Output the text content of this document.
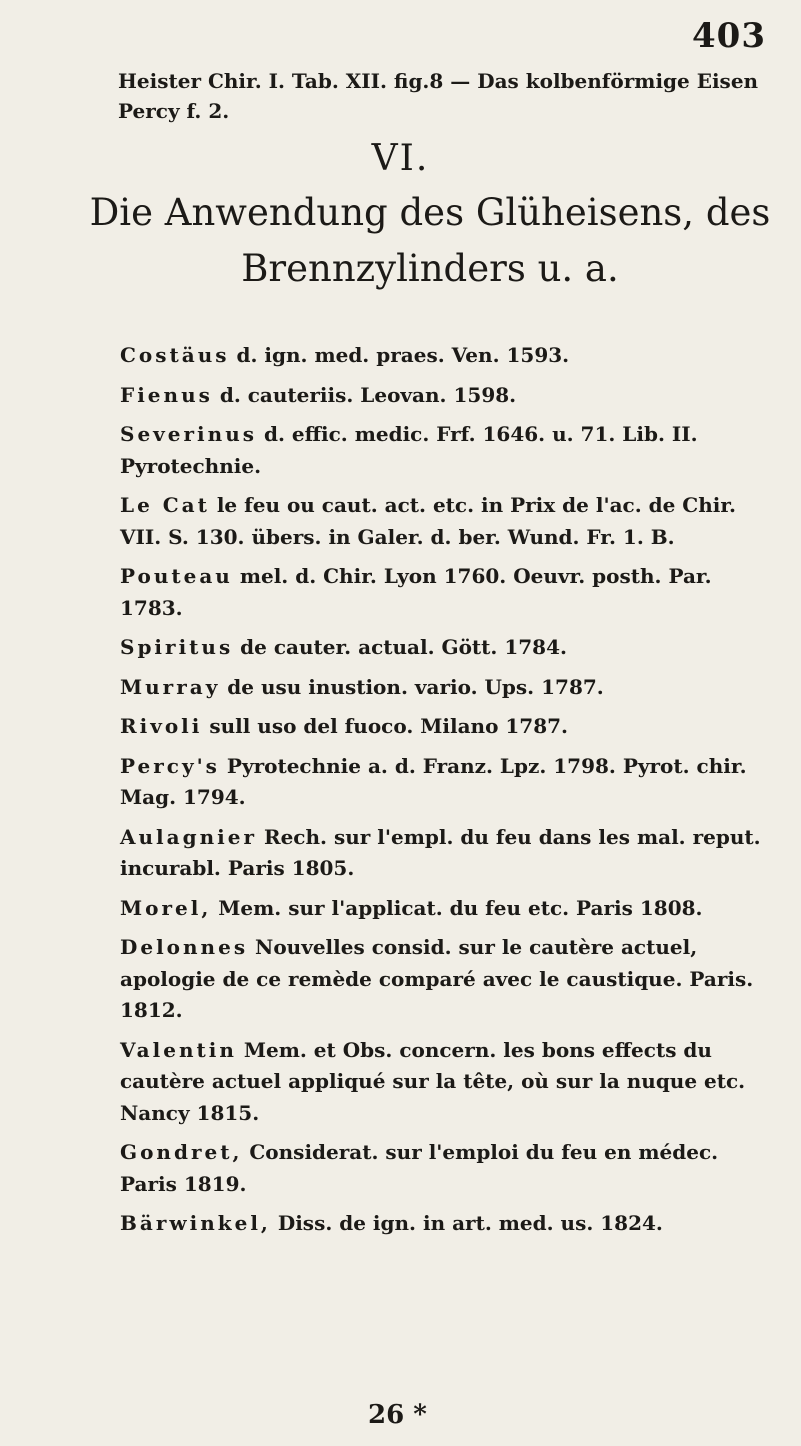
403
Heister Chir. I. Tab. XII. fig.8 — Das kolbenförmige Eisen Percy f. 2.
VI.
Die Anwendung des Glüheisens, des
Brennzylinders u. a.
Costäus d. ign. med. praes. Ven. 1593.
Fienus d. cauteriis. Leovan. 1598.
Severinus d. effic. medic. Frf. 1646. u. 71. Lib. II. Pyrotechnie.
Le Cat le feu ou caut. act. etc. in Prix de l'ac. de Chir. VII. S. 130. übers. in Galer. d. ber. Wund. Fr. 1. B.
Pouteau mel. d. Chir. Lyon 1760. Oeuvr. posth. Par. 1783.
Spiritus de cauter. actual. Gött. 1784.
Murray de usu inustion. vario. Ups. 1787.
Rivoli sull uso del fuoco. Milano 1787.
Percy's Pyrotechnie a. d. Franz. Lpz. 1798. Pyrot. chir. Mag. 1794.
Aulagnier Rech. sur l'empl. du feu dans les mal. reput. incurabl. Paris 1805.
Morel, Mem. sur l'applicat. du feu etc. Paris 1808.
Delonnes Nouvelles consid. sur le cautère actuel, apologie de ce remède comparé avec le caustique. Paris. 1812.
Valentin Mem. et Obs. concern. les bons effects du cautère actuel appliqué sur la tête, où sur la nuque etc. Nancy 1815.
Gondret, Considerat. sur l'emploi du feu en médec. Paris 1819.
Bärwinkel, Diss. de ign. in art. med. us. 1824.
26 *
